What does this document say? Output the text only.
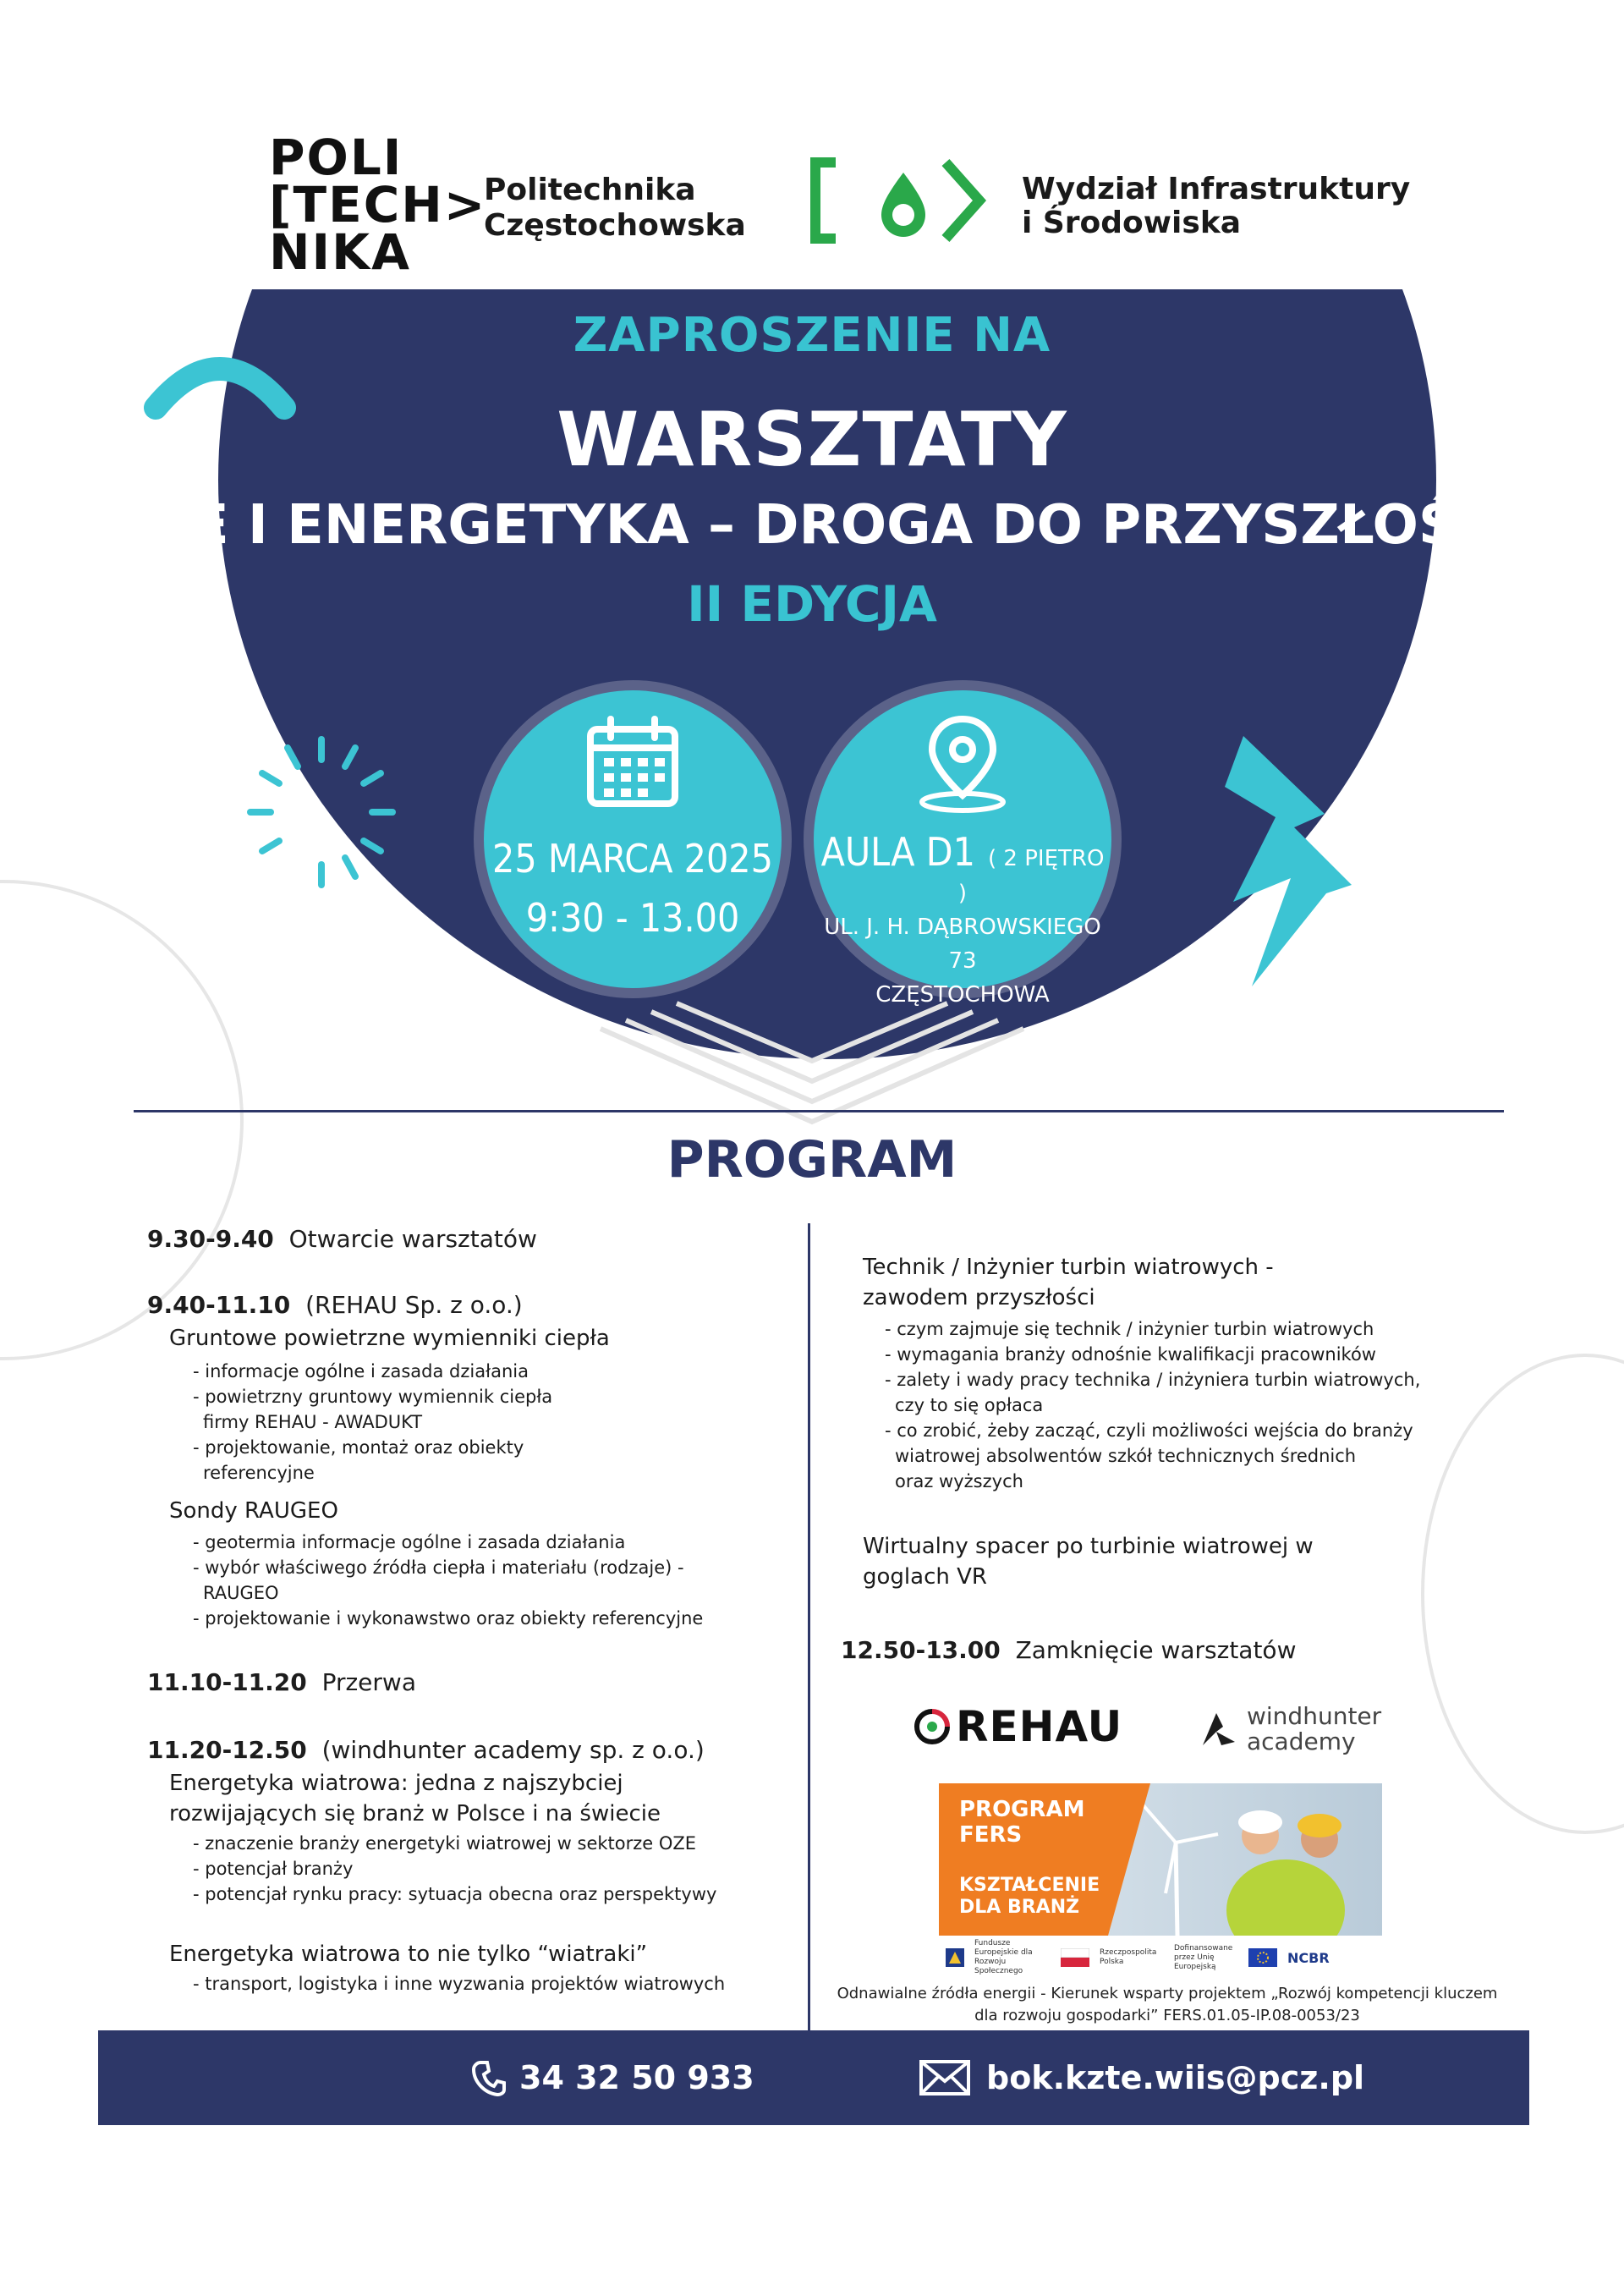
POLI
[TECH>
NIKA
Politechnika
Częstochowska
Wydział Infrastruktury
i Środowiska
ZAPROSZENIE NA
WARSZTATY
"OZE I ENERGETYKA – DROGA DO PRZYSZŁOŚCI"
II EDYCJA
25 MARCA 2025
9:30 - 13.00
AULA D1 ( 2 PIĘTRO )
UL. J. H. DĄBROWSKIEGO 73
CZĘSTOCHOWA
PROGRAM
9.30-9.40 Otwarcie warsztatów
9.40-11.10 (REHAU Sp. z o.o.)
Gruntowe powietrzne wymienniki ciepła
- informacje ogólne i zasada działania
- powietrzny gruntowy wymiennik ciepła
firmy REHAU - AWADUKT
- projektowanie, montaż oraz obiekty
referencyjne
Sondy RAUGEO
- geotermia informacje ogólne i zasada działania
- wybór właściwego źródła ciepła i materiału (rodzaje) -
RAUGEO
- projektowanie i wykonawstwo oraz obiekty referencyjne
11.10-11.20 Przerwa
11.20-12.50 (windhunter academy sp. z o.o.)
Energetyka wiatrowa: jedna z najszybciej
rozwijających się branż w Polsce i na świecie
- znaczenie branży energetyki wiatrowej w sektorze OZE
- potencjał branży
- potencjał rynku pracy: sytuacja obecna oraz perspektywy
Energetyka wiatrowa to nie tylko “wiatraki”
- transport, logistyka i inne wyzwania projektów wiatrowych
Technik / Inżynier turbin wiatrowych -
zawodem przyszłości
- czym zajmuje się technik / inżynier turbin wiatrowych
- wymagania branży odnośnie kwalifikacji pracowników
- zalety i wady pracy technika / inżyniera turbin wiatrowych,
czy to się opłaca
- co zrobić, żeby zacząć, czyli możliwości wejścia do branży
wiatrowej absolwentów szkół technicznych średnich
oraz wyższych
Wirtualny spacer po turbinie wiatrowej w
goglach VR
12.50-13.00 Zamknięcie warsztatów
REHAU	windhunter
academy
PROGRAM
FERS
KSZTAŁCENIE
DLA BRANŻ
Fundusze Europejskie dla Rozwoju Społecznego
Rzeczpospolita Polska
Dofinansowane przez Unię Europejską
NCBR
Odnawialne źródła energii - Kierunek wsparty projektem „Rozwój kompetencji kluczem
dla rozwoju gospodarki” FERS.01.05-IP.08-0053/23
34 32 50 933	bok.kzte.wiis@pcz.pl
